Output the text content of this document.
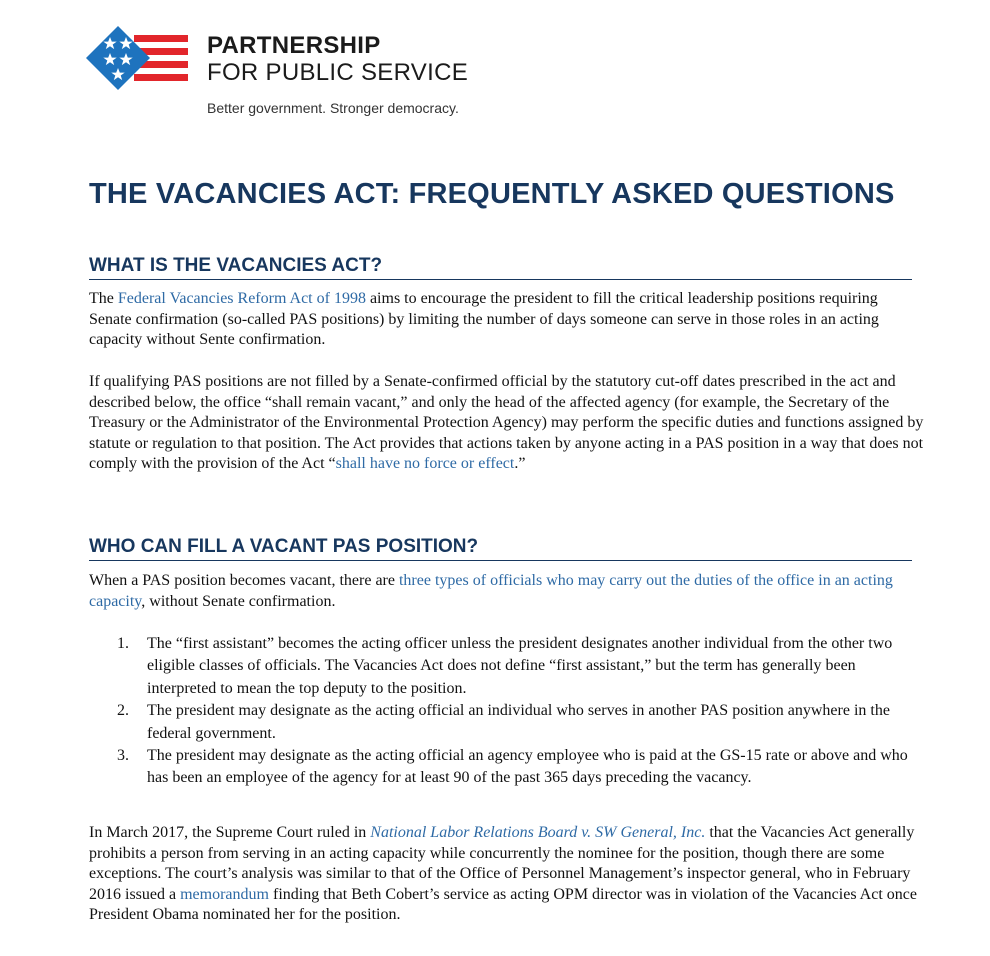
PARTNERSHIP
FOR PUBLIC SERVICE
Better government. Stronger democracy.
THE VACANCIES ACT: FREQUENTLY ASKED QUESTIONS
WHAT IS THE VACANCIES ACT?

The Federal Vacancies Reform Act of 1998 aims to encourage the president to fill the critical leadership positions requiring Senate confirmation (so-called PAS positions) by limiting the number of days someone can serve in those roles in an acting capacity without Sente confirmation.

If qualifying PAS positions are not filled by a Senate-confirmed official by the statutory cut-off dates prescribed in the act and described below, the office “shall remain vacant,” and only the head of the affected agency (for example, the Secretary of the Treasury or the Administrator of the Environmental Protection Agency) may perform the specific duties and functions assigned by statute or regulation to that position. The Act provides that actions taken by anyone acting in a PAS position in a way that does not comply with the provision of the Act “shall have no force or effect.”

WHO CAN FILL A VACANT PAS POSITION?

When a PAS position becomes vacant, there are three types of officials who may carry out the duties of the office in an acting capacity, without Senate confirmation.

1. The “first assistant” becomes the acting officer unless the president designates another individual from the other two eligible classes of officials. The Vacancies Act does not define “first assistant,” but the term has generally been interpreted to mean the top deputy to the position.
2. The president may designate as the acting official an individual who serves in another PAS position anywhere in the federal government.
3. The president may designate as the acting official an agency employee who is paid at the GS-15 rate or above and who has been an employee of the agency for at least 90 of the past 365 days preceding the vacancy.

In March 2017, the Supreme Court ruled in National Labor Relations Board v. SW General, Inc. that the Vacancies Act generally prohibits a person from serving in an acting capacity while concurrently the nominee for the position, though there are some exceptions. The court’s analysis was similar to that of the Office of Personnel Management’s inspector general, who in February 2016 issued a memorandum finding that Beth Cobert’s service as acting OPM director was in violation of the Vacancies Act once President Obama nominated her for the position.
